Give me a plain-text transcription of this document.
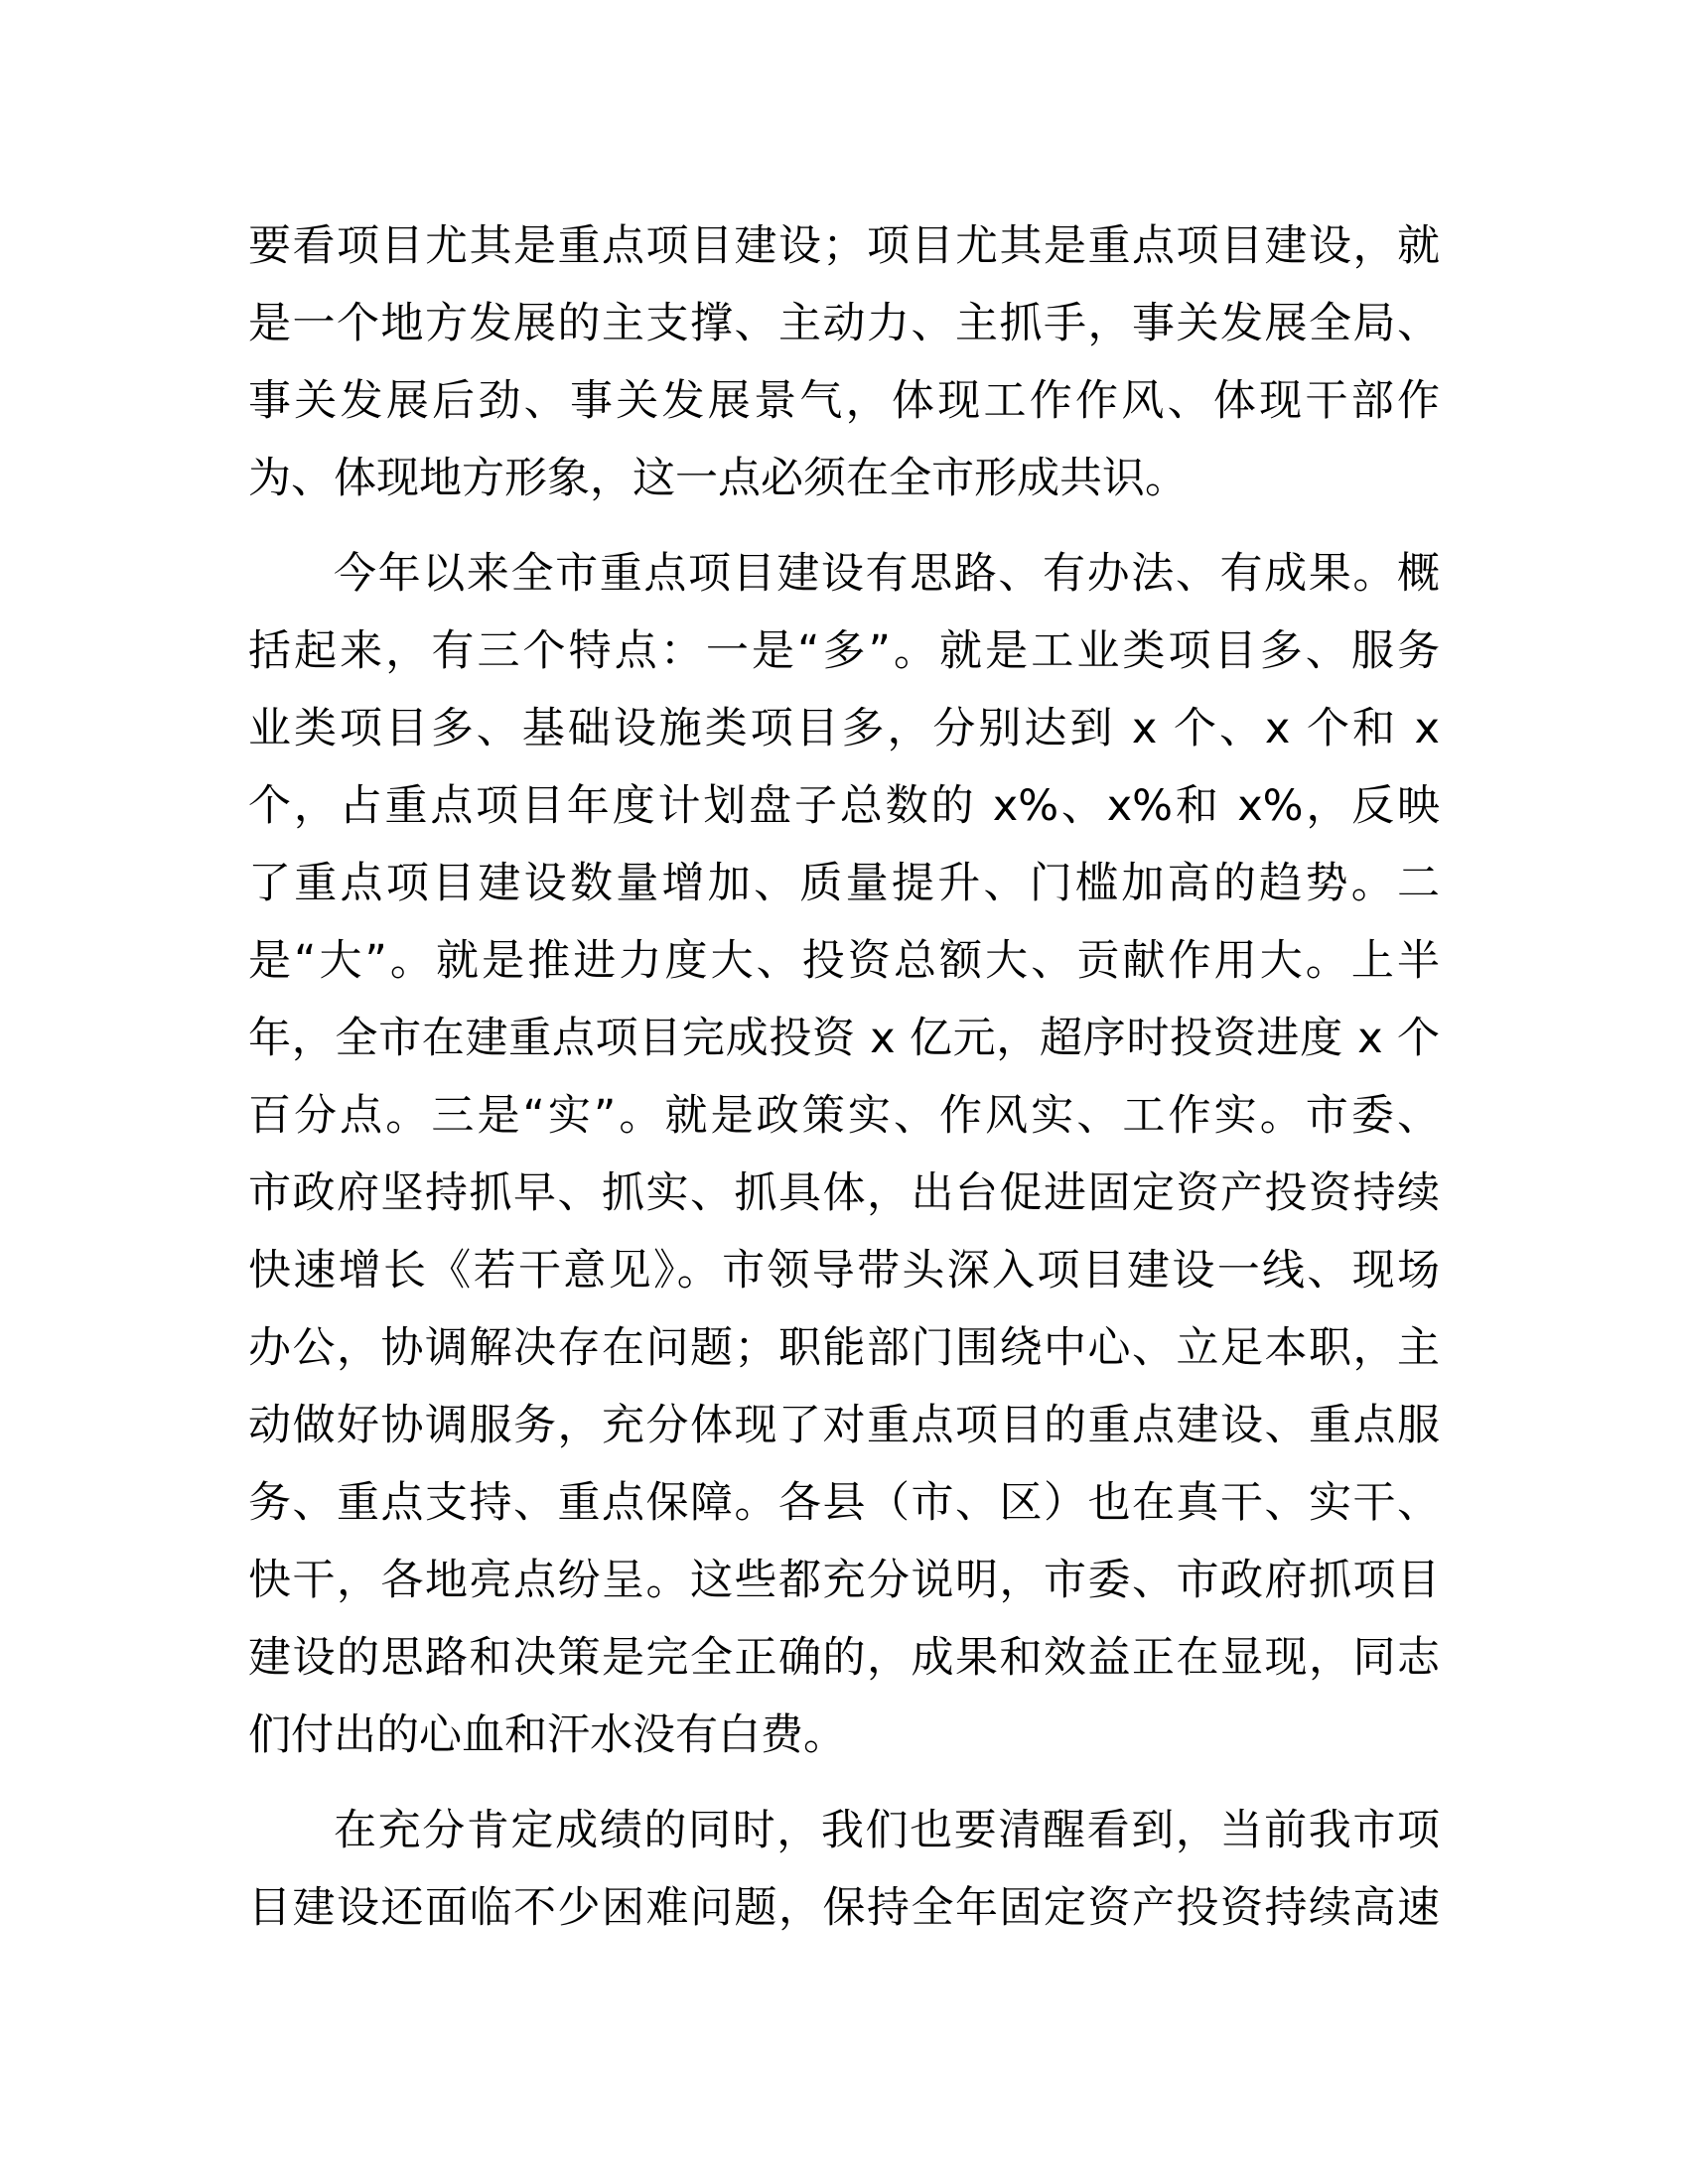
要看项目尤其是重点项目建设；项目尤其是重点项目建设，就
是一个地方发展的主支撑、主动力、主抓手，事关发展全局、
事关发展后劲、事关发展景气，体现工作作风、体现干部作
为、体现地方形象，这一点必须在全市形成共识。
今年以来全市重点项目建设有思路、有办法、有成果。概
括起来，有三个特点：一是“多”。就是工业类项目多、服务
业类项目多、基础设施类项目多，分别达到 x 个、x 个和 x
个，占重点项目年度计划盘子总数的 x%、x%和 x%，反映
了重点项目建设数量增加、质量提升、门槛加高的趋势。二
是“大”。就是推进力度大、投资总额大、贡献作用大。上半
年，全市在建重点项目完成投资 x 亿元，超序时投资进度 x 个
百分点。三是“实”。就是政策实、作风实、工作实。市委、
市政府坚持抓早、抓实、抓具体，出台促进固定资产投资持续
快速增长《若干意见》。市领导带头深入项目建设一线、现场
办公，协调解决存在问题；职能部门围绕中心、立足本职，主
动做好协调服务，充分体现了对重点项目的重点建设、重点服
务、重点支持、重点保障。各县（市、区）也在真干、实干、
快干，各地亮点纷呈。这些都充分说明，市委、市政府抓项目
建设的思路和决策是完全正确的，成果和效益正在显现，同志
们付出的心血和汗水没有白费。
在充分肯定成绩的同时，我们也要清醒看到，当前我市项
目建设还面临不少困难问题，保持全年固定资产投资持续高速
